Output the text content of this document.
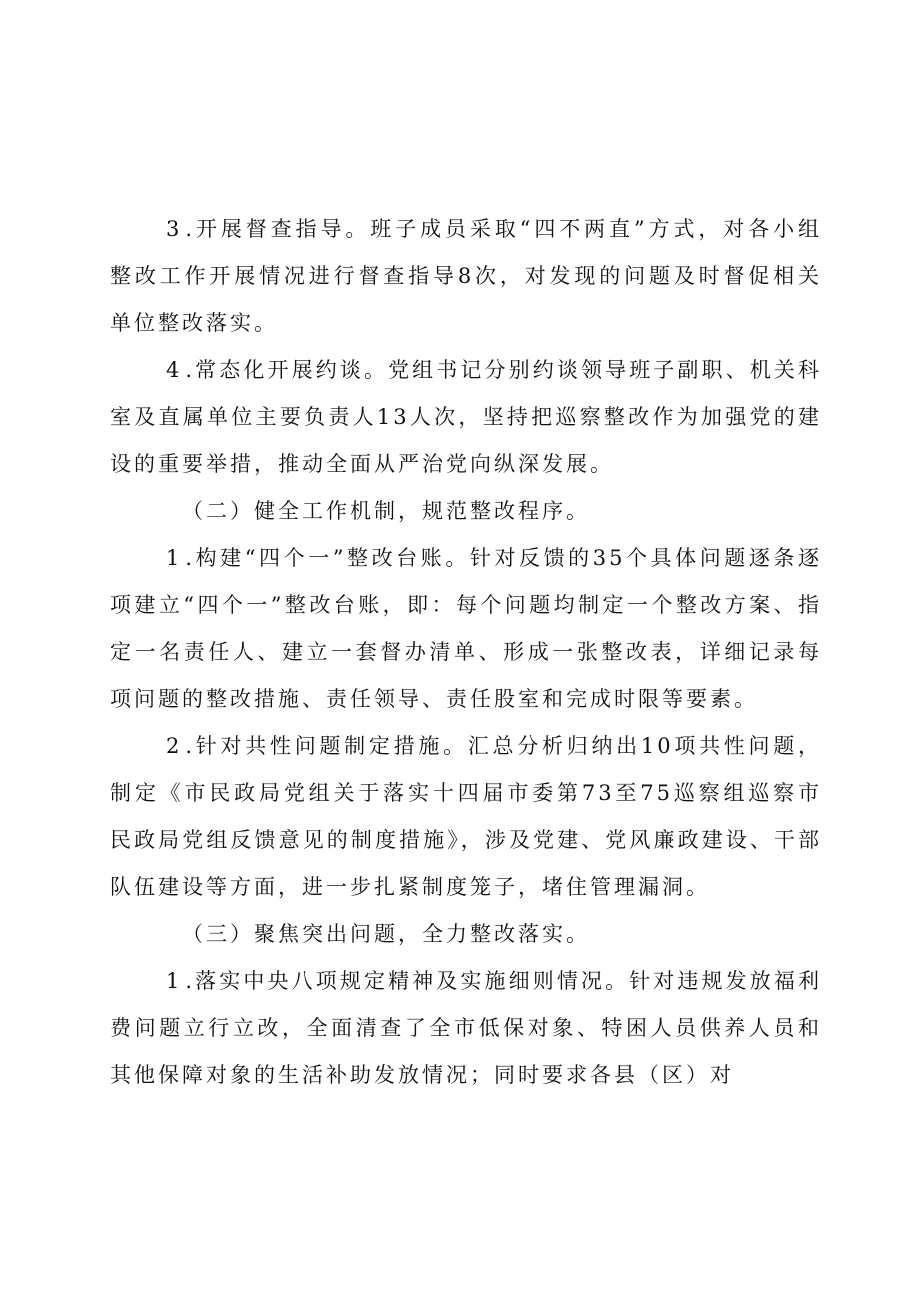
3.开展督查指导。班子成员采取“四不两直”方式，对各小组整改工作开展情况进行督查指导8次，对发现的问题及时督促相关单位整改落实。

4.常态化开展约谈。党组书记分别约谈领导班子副职、机关科室及直属单位主要负责人13人次，坚持把巡察整改作为加强党的建设的重要举措，推动全面从严治党向纵深发展。

（二）健全工作机制，规范整改程序。

1.构建“四个一”整改台账。针对反馈的35个具体问题逐条逐项建立“四个一”整改台账，即：每个问题均制定一个整改方案、指定一名责任人、建立一套督办清单、形成一张整改表，详细记录每项问题的整改措施、责任领导、责任股室和完成时限等要素。

2.针对共性问题制定措施。汇总分析归纳出10项共性问题，制定《市民政局党组关于落实十四届市委第73至75巡察组巡察市民政局党组反馈意见的制度措施》，涉及党建、党风廉政建设、干部队伍建设等方面，进一步扎紧制度笼子，堵住管理漏洞。

（三）聚焦突出问题，全力整改落实。

1.落实中央八项规定精神及实施细则情况。针对违规发放福利费问题立行立改，全面清查了全市低保对象、特困人员供养人员和其他保障对象的生活补助发放情况；同时要求各县（区）对
